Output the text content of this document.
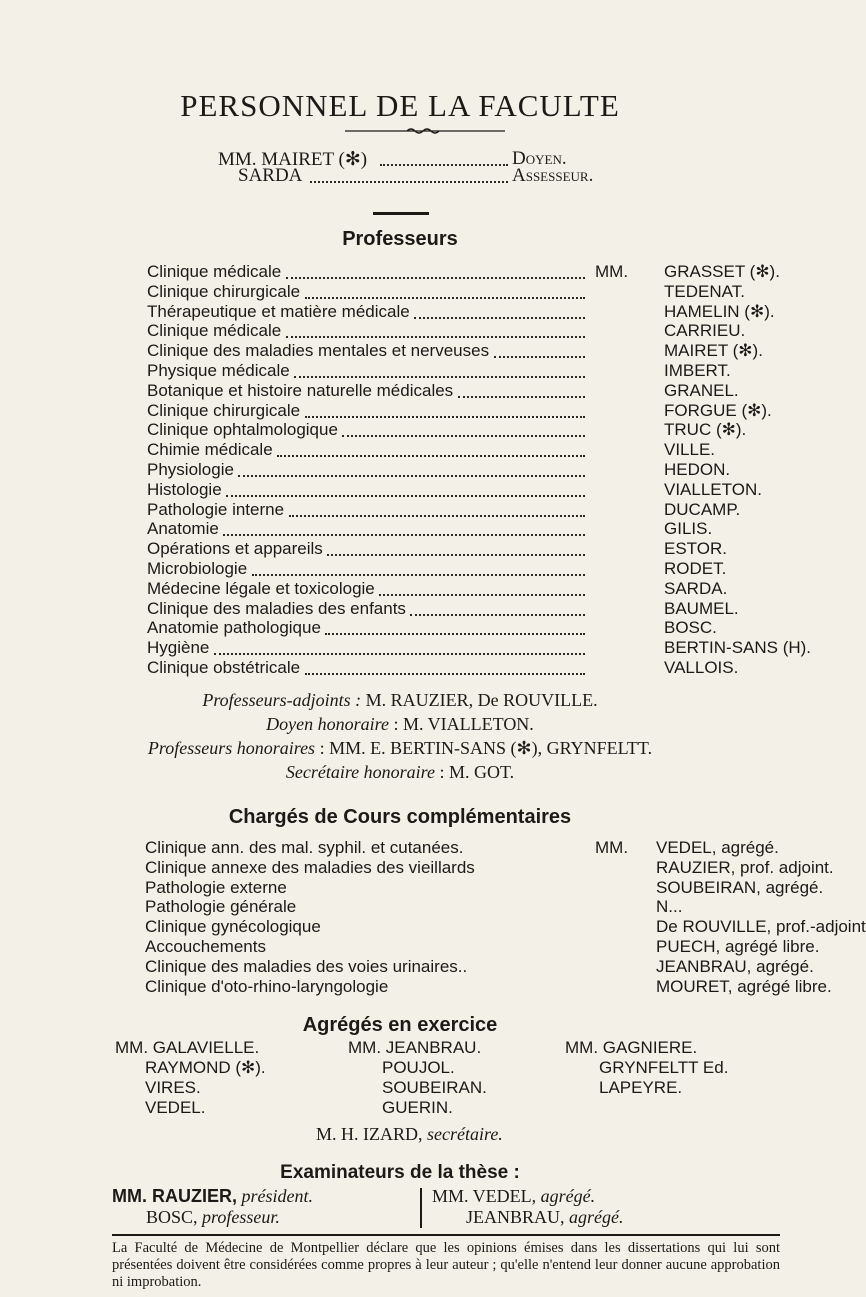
PERSONNEL DE LA FACULTE
MM. MAIRET (✻)	Doyen.
SARDA	Assesseur.
Professeurs
MM.
Clinique médicale	GRASSET (✻).
Clinique chirurgicale	TEDENAT.
Thérapeutique et matière médicale	HAMELIN (✻).
Clinique médicale	CARRIEU.
Clinique des maladies mentales et nerveuses	MAIRET (✻).
Physique médicale	IMBERT.
Botanique et histoire naturelle médicales	GRANEL.
Clinique chirurgicale	FORGUE (✻).
Clinique ophtalmologique	TRUC (✻).
Chimie médicale	VILLE.
Physiologie	HEDON.
Histologie	VIALLETON.
Pathologie interne	DUCAMP.
Anatomie	GILIS.
Opérations et appareils	ESTOR.
Microbiologie	RODET.
Médecine légale et toxicologie	SARDA.
Clinique des maladies des enfants	BAUMEL.
Anatomie pathologique	BOSC.
Hygiène	BERTIN-SANS (H).
Clinique obstétricale	VALLOIS.
Professeurs-adjoints : M. RAUZIER, De ROUVILLE.
Doyen honoraire : M. VIALLETON.
Professeurs honoraires : MM. E. BERTIN-SANS (✻), GRYNFELTT.
Secrétaire honoraire : M. GOT.
Chargés de Cours complémentaires
MM.
Clinique ann. des mal. syphil. et cutanées.	VEDEL, agrégé.
Clinique annexe des maladies des vieillards	RAUZIER, prof. adjoint.
Pathologie externe	SOUBEIRAN, agrégé.
Pathologie générale	N...
Clinique gynécologique	De ROUVILLE, prof.-adjoint
Accouchements	PUECH, agrégé libre.
Clinique des maladies des voies urinaires..	JEANBRAU, agrégé.
Clinique d'oto-rhino-laryngologie	MOURET, agrégé libre.
Agrégés en exercice
MM. GALAVIELLE.
RAYMOND (✻).
VIRES.
VEDEL.
MM. JEANBRAU.
POUJOL.
SOUBEIRAN.
GUERIN.
MM. GAGNIERE.
GRYNFELTT Ed.
LAPEYRE.
M. H. IZARD, secrétaire.
Examinateurs de la thèse :
MM. RAUZIER, président.
BOSC, professeur.
MM. VEDEL, agrégé.
JEANBRAU, agrégé.
La Faculté de Médecine de Montpellier déclare que les opinions émises dans les dissertations qui lui sont présentées doivent être considérées comme propres à leur auteur ; qu'elle n'entend leur donner aucune approbation ni improbation.
